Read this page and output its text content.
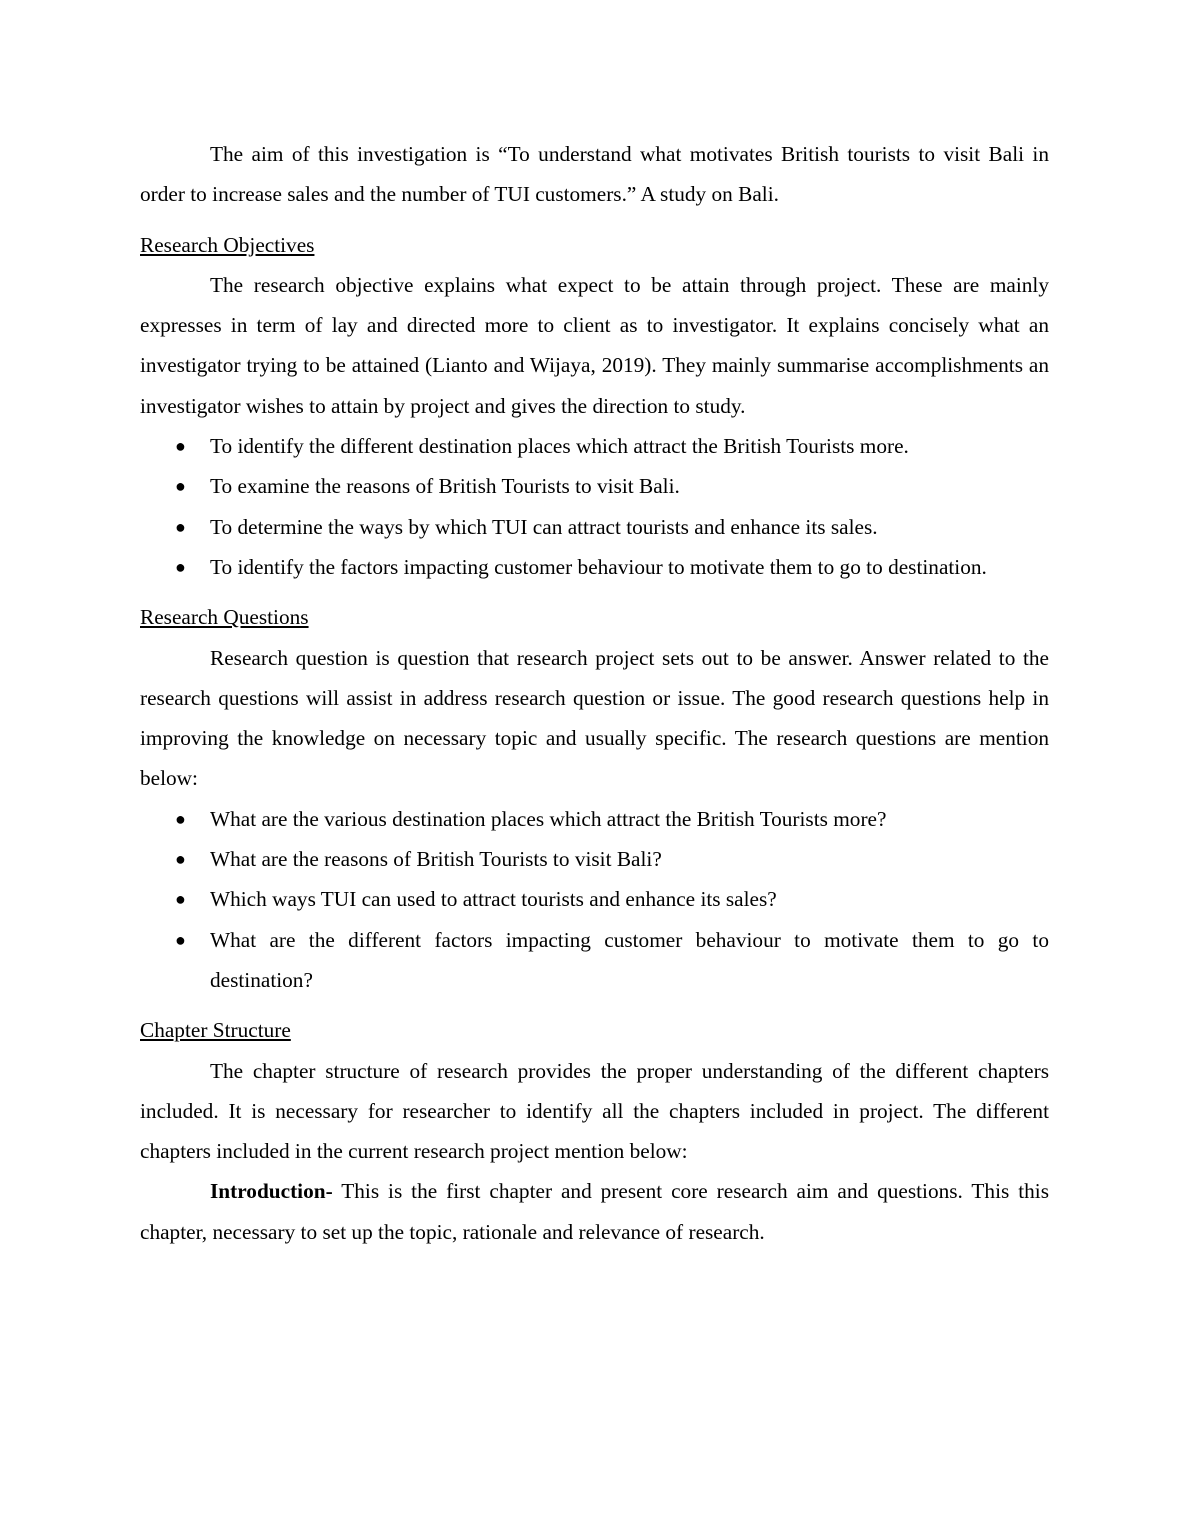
The aim of this investigation is “To understand what motivates British tourists to visit Bali in order to increase sales and the number of TUI customers.” A study on Bali.

Research Objectives

The research objective explains what expect to be attain through project. These are mainly expresses in term of lay and directed more to client as to investigator. It explains concisely what an investigator trying to be attained (Lianto and Wijaya, 2019). They mainly summarise accomplishments an investigator wishes to attain by project and gives the direction to study.

● To identify the different destination places which attract the British Tourists more.
● To examine the reasons of British Tourists to visit Bali.
● To determine the ways by which TUI can attract tourists and enhance its sales.
● To identify the factors impacting customer behaviour to motivate them to go to destination.

Research Questions

Research question is question that research project sets out to be answer. Answer related to the research questions will assist in address research question or issue. The good research questions help in improving the knowledge on necessary topic and usually specific. The research questions are mention below:

● What are the various destination places which attract the British Tourists more?
● What are the reasons of British Tourists to visit Bali?
● Which ways TUI can used to attract tourists and enhance its sales?
● What are the different factors impacting customer behaviour to motivate them to go to destination?

Chapter Structure

The chapter structure of research provides the proper understanding of the different chapters included. It is necessary for researcher to identify all the chapters included in project. The different chapters included in the current research project mention below:

Introduction- This is the first chapter and present core research aim and questions. This this chapter, necessary to set up the topic, rationale and relevance of research.
